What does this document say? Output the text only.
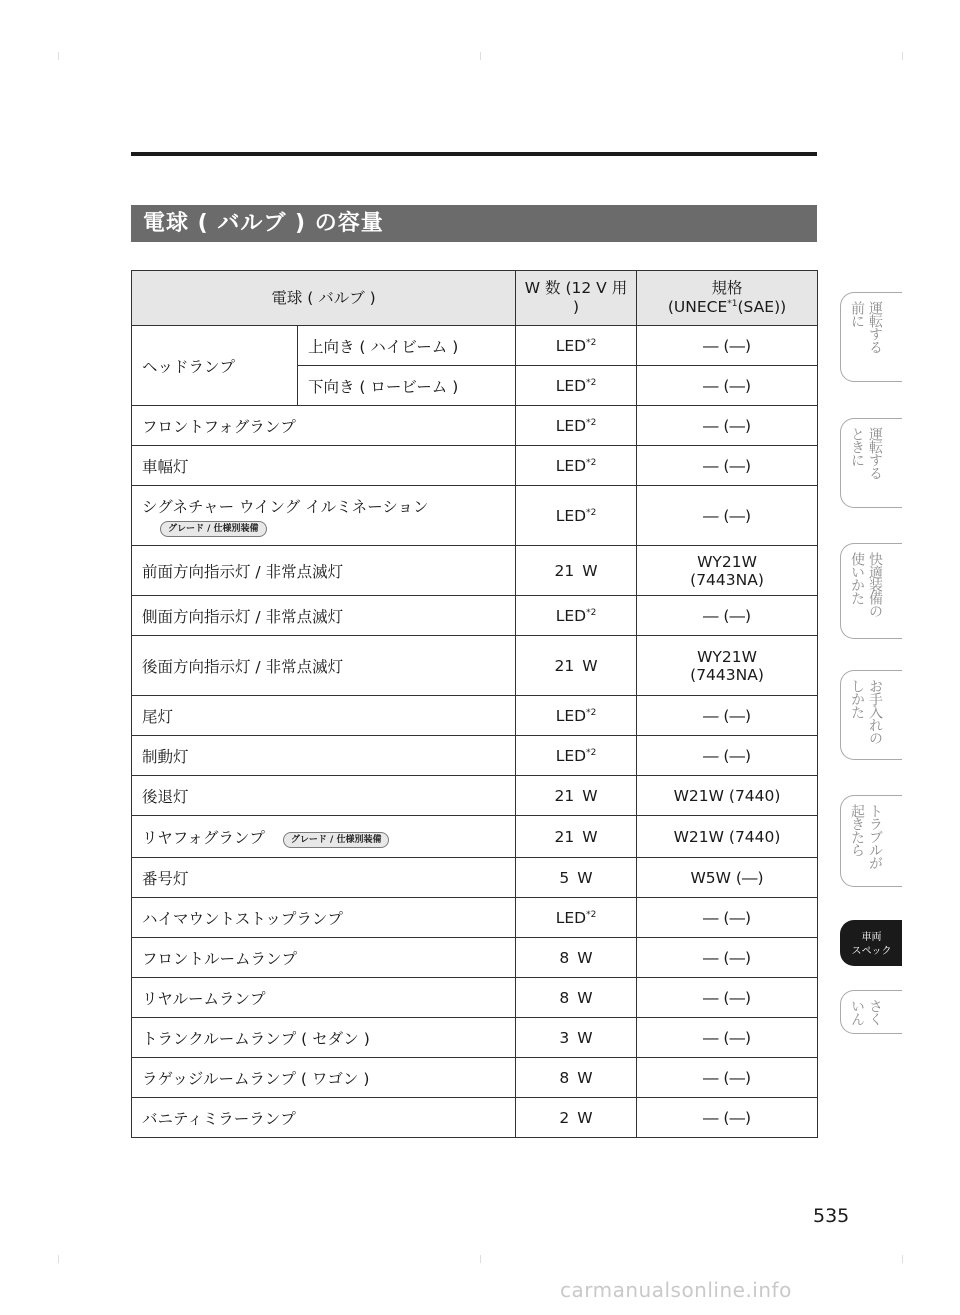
電球 ( バルブ ) の容量
電球 ( バルブ )		W 数 (12 V 用 )	規格
(UNECE$^{*1}$(SAE))

ヘッドランプ	上向き ( ハイビーム )	LED$^{*2}$	― (―)
	下向き ( ロービーム )	LED$^{*2}$	― (―)
フロントフォグランプ		LED$^{*2}$	― (―)

車幅灯		LED$^{*2}$	― (―)

シグネチャー ウイング イルミネーション
グレード / 仕様別装備		LED$^{*2}$	― (―)

前面方向指示灯 / 非常点滅灯		21 W	WY21W
(7443NA)

側面方向指示灯 / 非常点滅灯		LED$^{*2}$	― (―)

後面方向指示灯 / 非常点滅灯		21 W	WY21W
(7443NA)

尾灯		LED$^{*2}$	― (―)

制動灯		LED$^{*2}$	― (―)

後退灯		21 W	W21W (7440)

リヤフォグランプ グレード / 仕様別装備		21 W	W21W (7440)

番号灯		5 W	W5W (―)

ハイマウントストップランプ		LED$^{*2}$	― (―)

フロントルームランプ		8 W	― (―)

リヤルームランプ		8 W	― (―)

トランクルームランプ ( セダン )		3 W	― (―)

ラゲッジルームランプ ( ワゴン )		8 W	― (―)

バニティミラーランプ		2 W	― (―)
運転する
前に
運転する
ときに
快適装備の
使いかた
お手入れの
しかた
トラブルが
起きたら
車両
スペック
さく
いん
535
carmanualsonline.info
